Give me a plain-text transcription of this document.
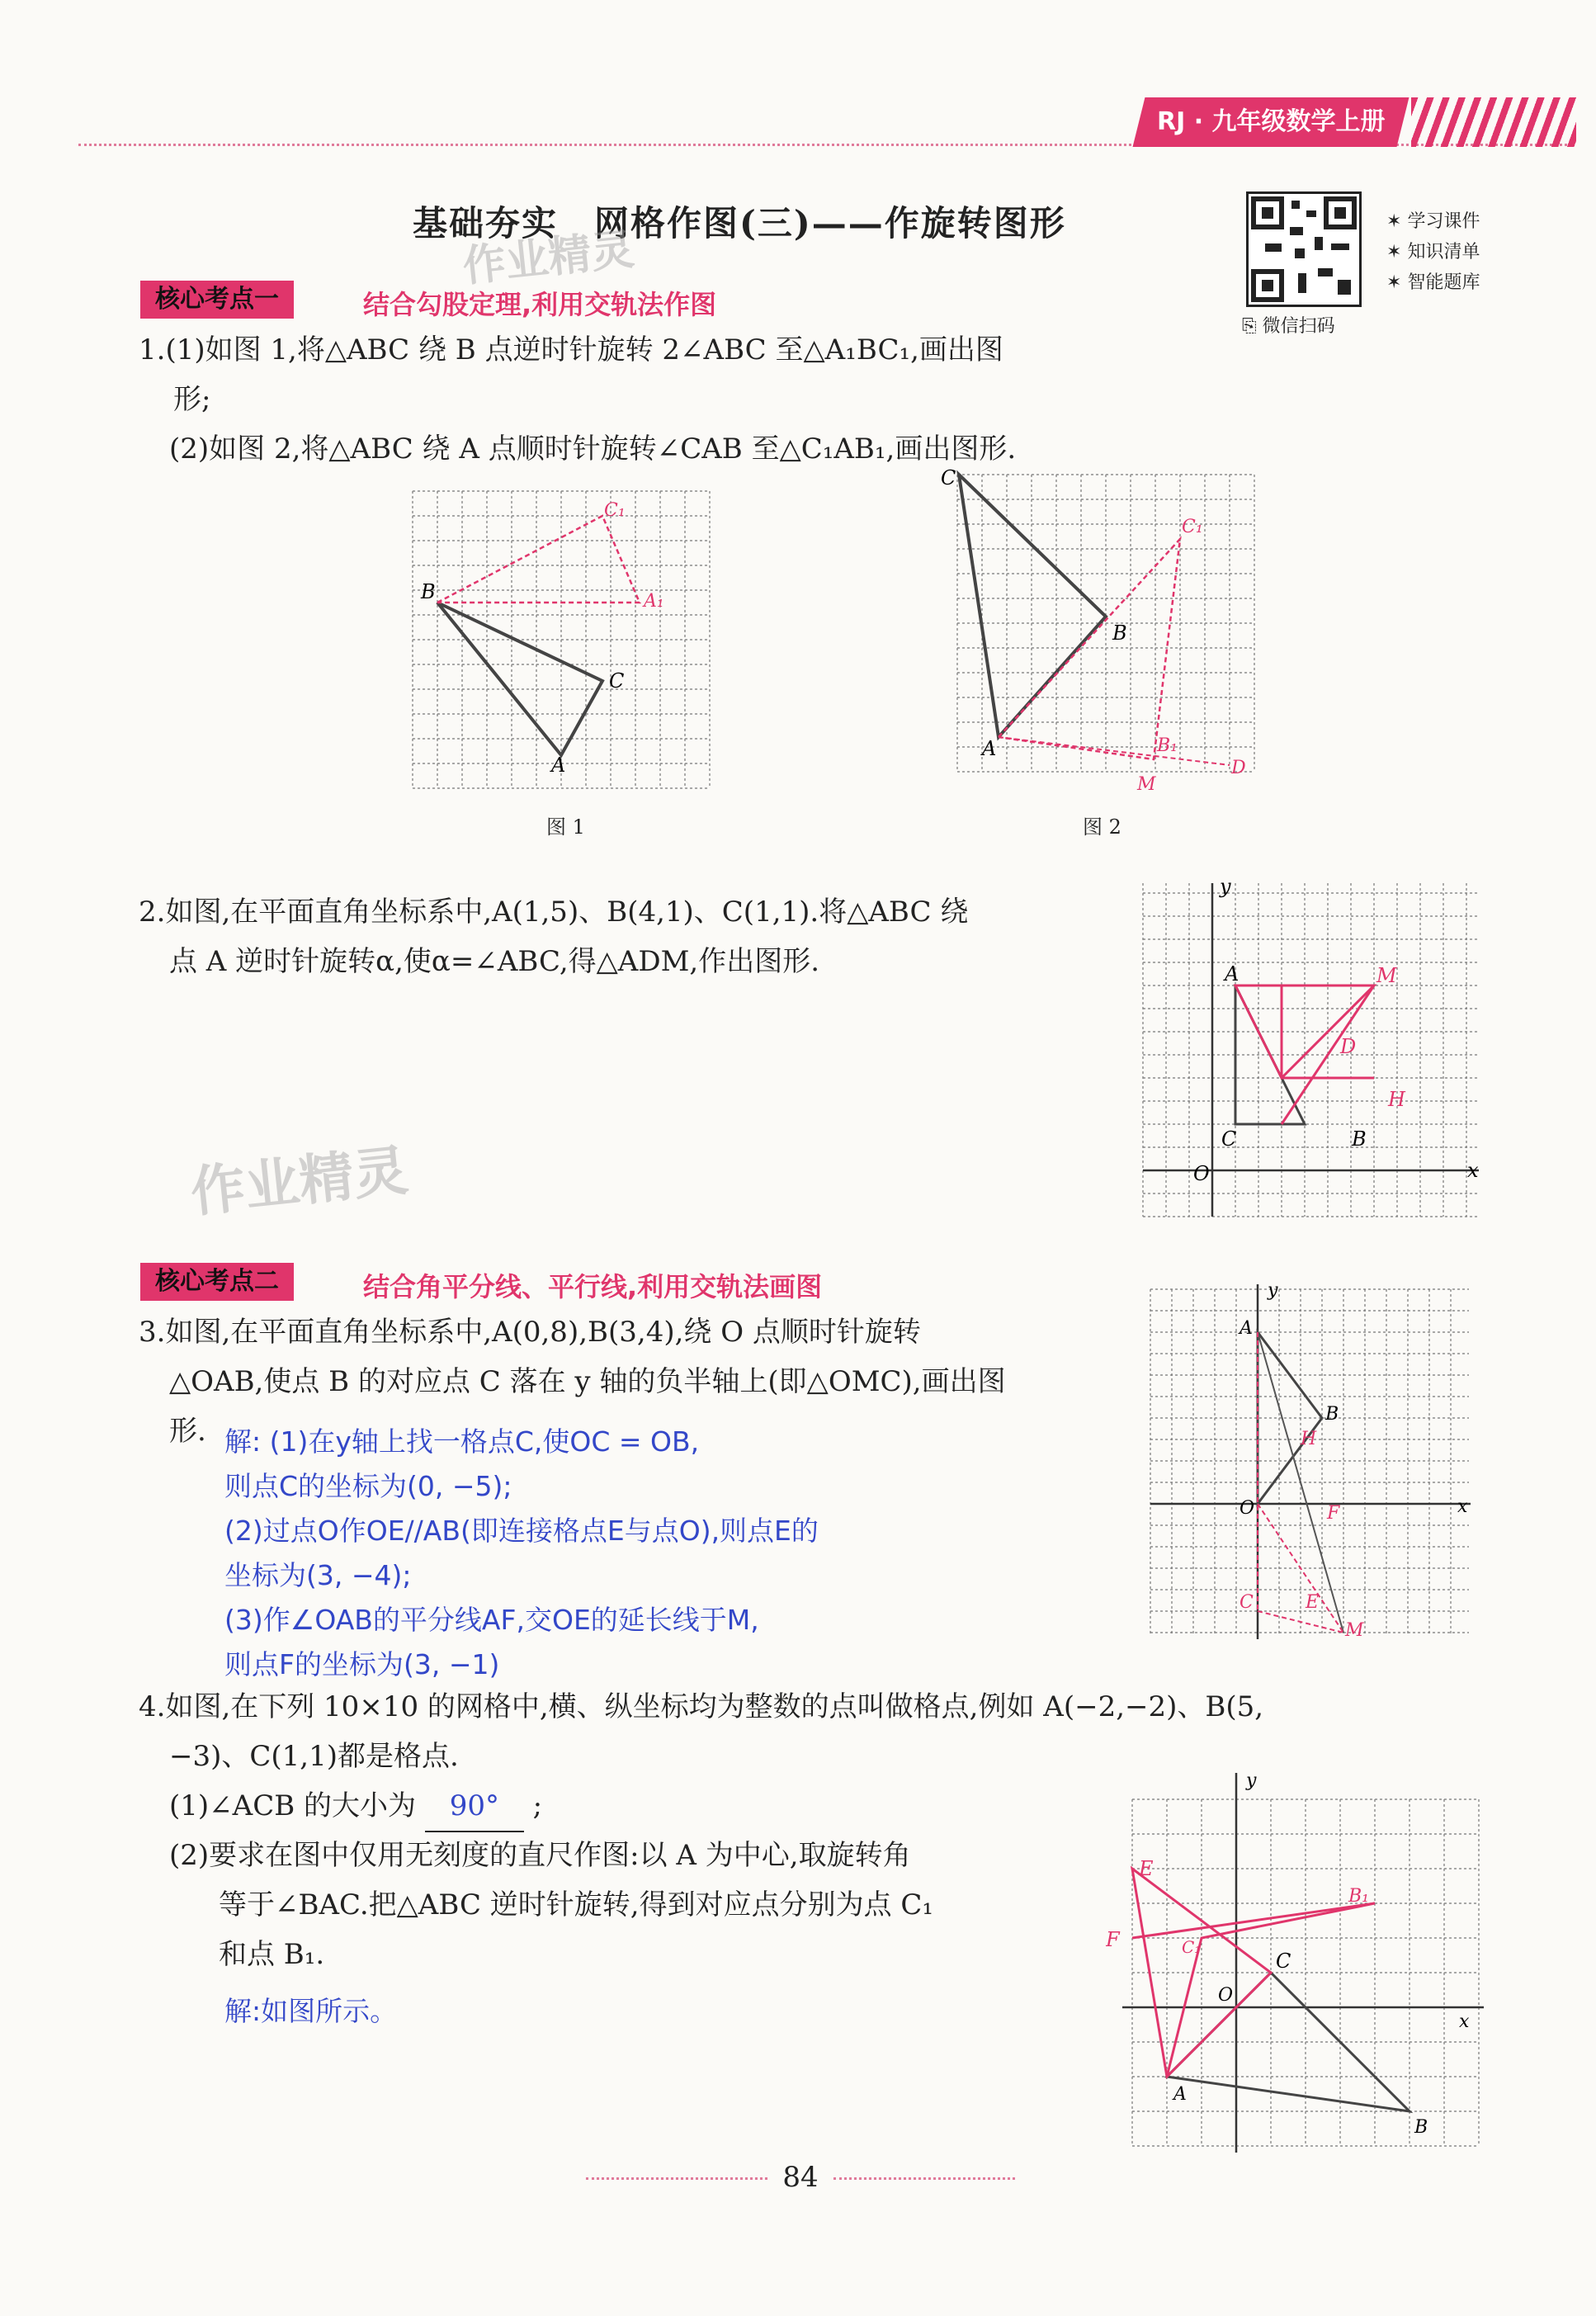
RJ · 九年级数学上册
基础夯实　网格作图(三)——作旋转图形	✶ 学习课件
✶ 知识清单
✶ 智能题库
⎘ 微信扫码
作业精灵
核心考点一	结合勾股定理,利用交轨法作图
1.(1)如图 1,将△ABC 绕 B 点逆时针旋转 2∠ABC 至△A₁BC₁,画出图
形;
(2)如图 2,将△ABC 绕 A 点顺时针旋转∠CAB 至△C₁AB₁,画出图形.
B
C
A
C₁
A₁
图 1
C
B
A
C₁
B₁
M
D
图 2
2.如图,在平面直角坐标系中,A(1,5)、B(4,1)、C(1,1).将△ABC 绕
点 A 逆时针旋转α,使α=∠ABC,得△ADM,作出图形.
作业精灵
y
x
O
A	M
D
H
C	B
核心考点二	结合角平分线、平行线,利用交轨法画图
3.如图,在平面直角坐标系中,A(0,8),B(3,4),绕 O 点顺时针旋转
△OAB,使点 B 的对应点 C 落在 y 轴的负半轴上(即△OMC),画出图
形. 解: (1)在y轴上找一格点C,使OC = OB,
则点C的坐标为(0, −5);
(2)过点O作OE//AB(即连接格点E与点O),则点E的
坐标为(3, −4);
(3)作∠OAB的平分线AF,交OE的延长线于M,
则点F的坐标为(3, −1)
y
x
A
B
H
O	F
C	E
M
4.如图,在下列 10×10 的网格中,横、纵坐标均为整数的点叫做格点,例如 A(−2,−2)、B(5,
−3)、C(1,1)都是格点.
(1)∠ACB 的大小为 90° ;
(2)要求在图中仅用无刻度的直尺作图:以 A 为中心,取旋转角
等于∠BAC.把△ABC 逆时针旋转,得到对应点分别为点 C₁
和点 B₁.
解:如图所示。
y
x
E
B₁
F	C₁
C
O
A
B
84
